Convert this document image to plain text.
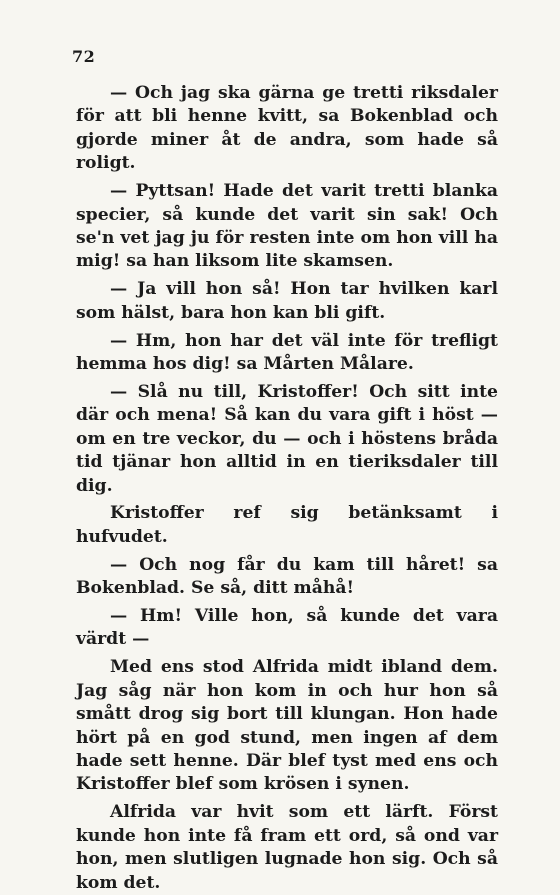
72

— Och jag ska gärna ge tretti riksdaler för att bli henne kvitt, sa Bokenblad och gjorde miner åt de andra, som hade så roligt.

— Pyttsan! Hade det varit tretti blanka specier, så kunde det varit sin sak! Och se'n vet jag ju för resten inte om hon vill ha mig! sa han liksom lite skamsen.

— Ja vill hon så! Hon tar hvilken karl som hälst, bara hon kan bli gift.

— Hm, hon har det väl inte för trefligt hemma hos dig! sa Mårten Målare.

— Slå nu till, Kristoffer! Och sitt inte där och mena! Så kan du vara gift i höst — om en tre veckor, du — och i höstens bråda tid tjänar hon alltid in en tieriksdaler till dig.

Kristoffer ref sig betänksamt i hufvudet.

— Och nog får du kam till håret! sa Bokenblad. Se så, ditt måhå!

— Hm! Ville hon, så kunde det vara värdt —

Med ens stod Alfrida midt ibland dem. Jag såg när hon kom in och hur hon så smått drog sig bort till klungan. Hon hade hört på en god stund, men ingen af dem hade sett henne. Där blef tyst med ens och Kristoffer blef som krösen i synen.

Alfrida var hvit som ett lärft. Först kunde hon inte få fram ett ord, så ond var hon, men slutligen lugnade hon sig. Och så kom det.
